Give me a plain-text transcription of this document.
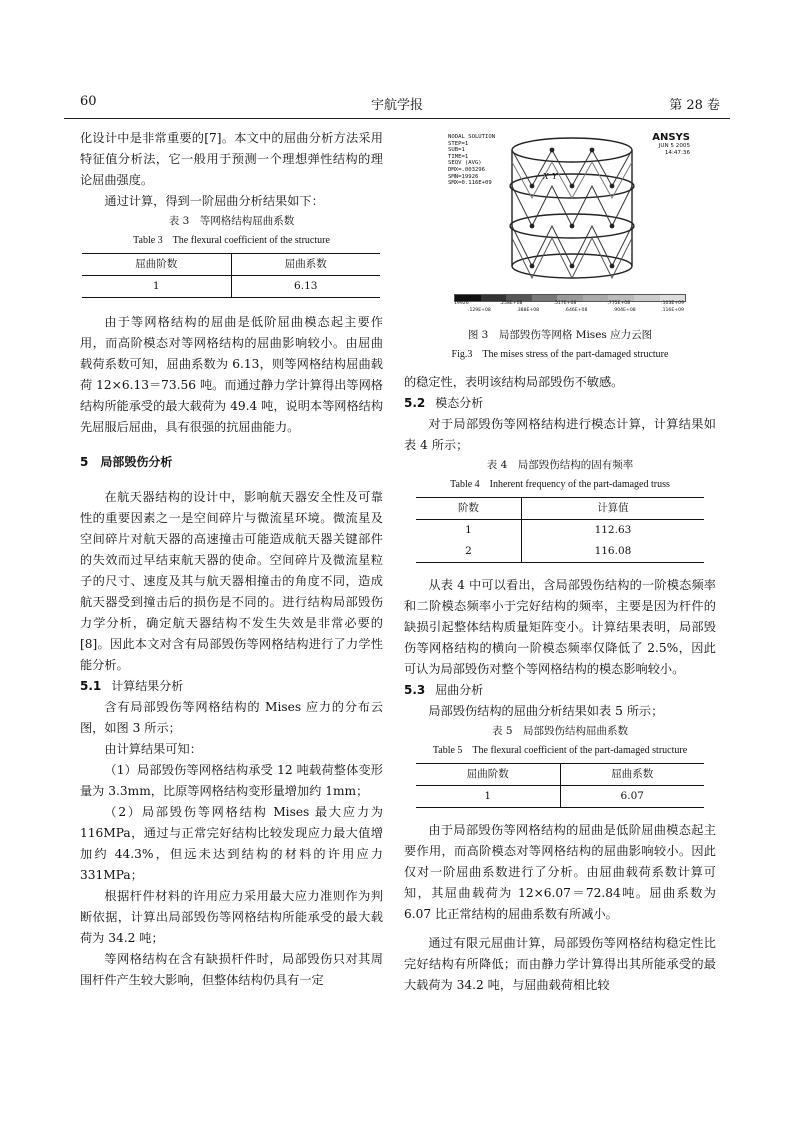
60	宇航学报	第 28 卷

化设计中是非常重要的[7]。本文中的屈曲分析方法采用特征值分析法，它一般用于预测一个理想弹性结构的理论屈曲强度。

通过计算，得到一阶屈曲分析结果如下：

表 3　等网格结构屈曲系数
Table 3　The flexural coefficient of the structure
屈曲阶数	屈曲系数
1	6.13

由于等网格结构的屈曲是低阶屈曲模态起主要作用，而高阶模态对等网格结构的屈曲影响较小。由屈曲载荷系数可知，屈曲系数为 6.13，则等网格结构屈曲载荷 12×6.13＝73.56 吨。而通过静力学计算得出等网格结构所能承受的最大载荷为 49.4 吨，说明本等网格结构先屈服后屈曲，具有很强的抗屈曲能力。

5　局部毁伤分析

在航天器结构的设计中，影响航天器安全性及可靠性的重要因素之一是空间碎片与微流星环境。微流星及空间碎片对航天器的高速撞击可能造成航天器关键部件的失效而过早结束航天器的使命。空间碎片及微流星粒子的尺寸、速度及其与航天器相撞击的角度不同，造成航天器受到撞击后的损伤是不同的。进行结构局部毁伤力学分析，确定航天器结构不发生失效是非常必要的[8]。因此本文对含有局部毁伤等网格结构进行了力学性能分析。

5.1 计算结果分析

含有局部毁伤等网格结构的 Mises 应力的分布云图，如图 3 所示；

由计算结果可知：

（1）局部毁伤等网格结构承受 12 吨载荷整体变形量为 3.3mm，比原等网格结构变形量增加约 1mm；

（2）局部毁伤等网格结构 Mises 最大应力为 116MPa，通过与正常完好结构比较发现应力最大值增加约 44.3%，但远未达到结构的材料的许用应力 331MPa；

根据杆件材料的许用应力采用最大应力准则作为判断依据，计算出局部毁伤等网格结构所能承受的最大载荷为 34.2 吨；

等网格结构在含有缺损杆件时，局部毁伤只对其周围杆件产生较大影响，但整体结构仍具有一定

NODAL SOLUTION
STEP=1
SUB=1
TIME=1
SEQV (AVG)
DMX=.003296
SMN=19926
SMX=0.116E+09
ANSYS
JUN 5 2005
14:47:36
X Y
19926	.258E+08	.517E+08	.775E+08	.103E+09
.129E+08	.388E+08	.646E+08	.904E+08	.116E+09
图 3　局部毁伤等网格 Mises 应力云图
Fig.3　The mises stress of the part-damaged structure

的稳定性，表明该结构局部毁伤不敏感。

5.2 模态分析

对于局部毁伤等网格结构进行模态计算，计算结果如表 4 所示；

表 4　局部毁伤结构的固有频率
Table 4　Inherent frequency of the part-damaged truss
阶数	计算值
1	112.63
2	116.08

从表 4 中可以看出，含局部毁伤结构的一阶模态频率和二阶模态频率小于完好结构的频率，主要是因为杆件的缺损引起整体结构质量矩阵变小。计算结果表明，局部毁伤等网格结构的横向一阶模态频率仅降低了 2.5%，因此可认为局部毁伤对整个等网格结构的模态影响较小。

5.3 屈曲分析

局部毁伤结构的屈曲分析结果如表 5 所示；

表 5　局部毁伤结构屈曲系数
Table 5　The flexural coefficient of the part-damaged structure
屈曲阶数	屈曲系数
1	6.07

由于局部毁伤等网格结构的屈曲是低阶屈曲模态起主要作用，而高阶模态对等网格结构的屈曲影响较小。因此仅对一阶屈曲系数进行了分析。由屈曲载荷系数计算可知，其屈曲载荷为 12×6.07＝72.84吨。屈曲系数为 6.07 比正常结构的屈曲系数有所减小。

通过有限元屈曲计算，局部毁伤等网格结构稳定性比完好结构有所降低；而由静力学计算得出其所能承受的最大载荷为 34.2 吨，与屈曲载荷相比较
